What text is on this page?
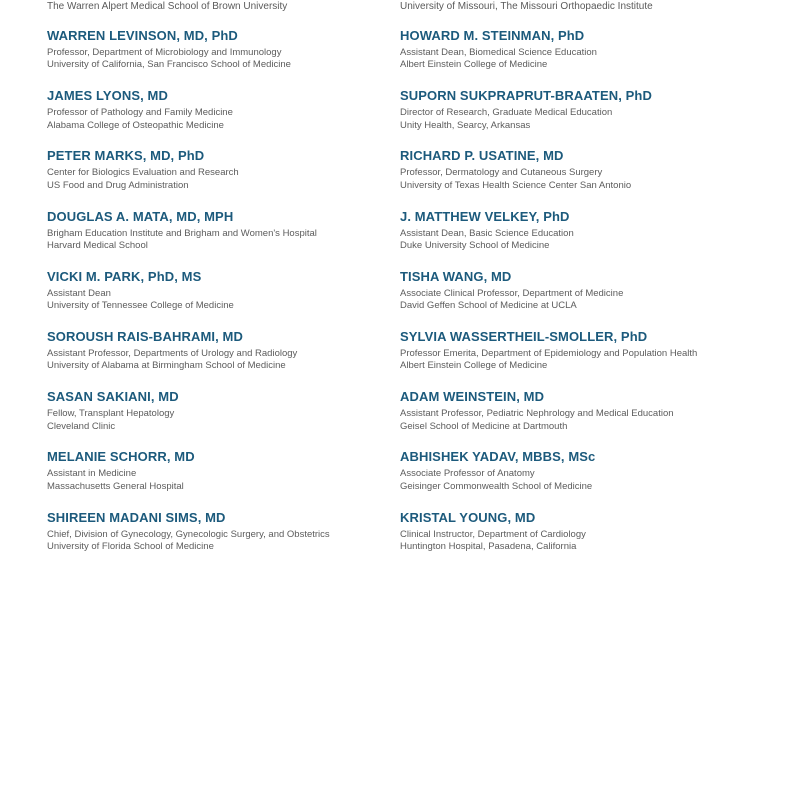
The Warren Alpert Medical School of Brown University	University of Missouri, The Missouri Orthopaedic Institute
WARREN LEVINSON, MD, PhD
Professor, Department of Microbiology and Immunology
University of California, San Francisco School of Medicine
JAMES LYONS, MD
Professor of Pathology and Family Medicine
Alabama College of Osteopathic Medicine
PETER MARKS, MD, PhD
Center for Biologics Evaluation and Research
US Food and Drug Administration
DOUGLAS A. MATA, MD, MPH
Brigham Education Institute and Brigham and Women's Hospital
Harvard Medical School
VICKI M. PARK, PhD, MS
Assistant Dean
University of Tennessee College of Medicine
SOROUSH RAIS-BAHRAMI, MD
Assistant Professor, Departments of Urology and Radiology
University of Alabama at Birmingham School of Medicine
SASAN SAKIANI, MD
Fellow, Transplant Hepatology
Cleveland Clinic
MELANIE SCHORR, MD
Assistant in Medicine
Massachusetts General Hospital
SHIREEN MADANI SIMS, MD
Chief, Division of Gynecology, Gynecologic Surgery, and Obstetrics
University of Florida School of Medicine
HOWARD M. STEINMAN, PhD
Assistant Dean, Biomedical Science Education
Albert Einstein College of Medicine
SUPORN SUKPRAPRUT-BRAATEN, PhD
Director of Research, Graduate Medical Education
Unity Health, Searcy, Arkansas
RICHARD P. USATINE, MD
Professor, Dermatology and Cutaneous Surgery
University of Texas Health Science Center San Antonio
J. MATTHEW VELKEY, PhD
Assistant Dean, Basic Science Education
Duke University School of Medicine
TISHA WANG, MD
Associate Clinical Professor, Department of Medicine
David Geffen School of Medicine at UCLA
SYLVIA WASSERTHEIL-SMOLLER, PhD
Professor Emerita, Department of Epidemiology and Population Health
Albert Einstein College of Medicine
ADAM WEINSTEIN, MD
Assistant Professor, Pediatric Nephrology and Medical Education
Geisel School of Medicine at Dartmouth
ABHISHEK YADAV, MBBS, MSc
Associate Professor of Anatomy
Geisinger Commonwealth School of Medicine
KRISTAL YOUNG, MD
Clinical Instructor, Department of Cardiology
Huntington Hospital, Pasadena, California
